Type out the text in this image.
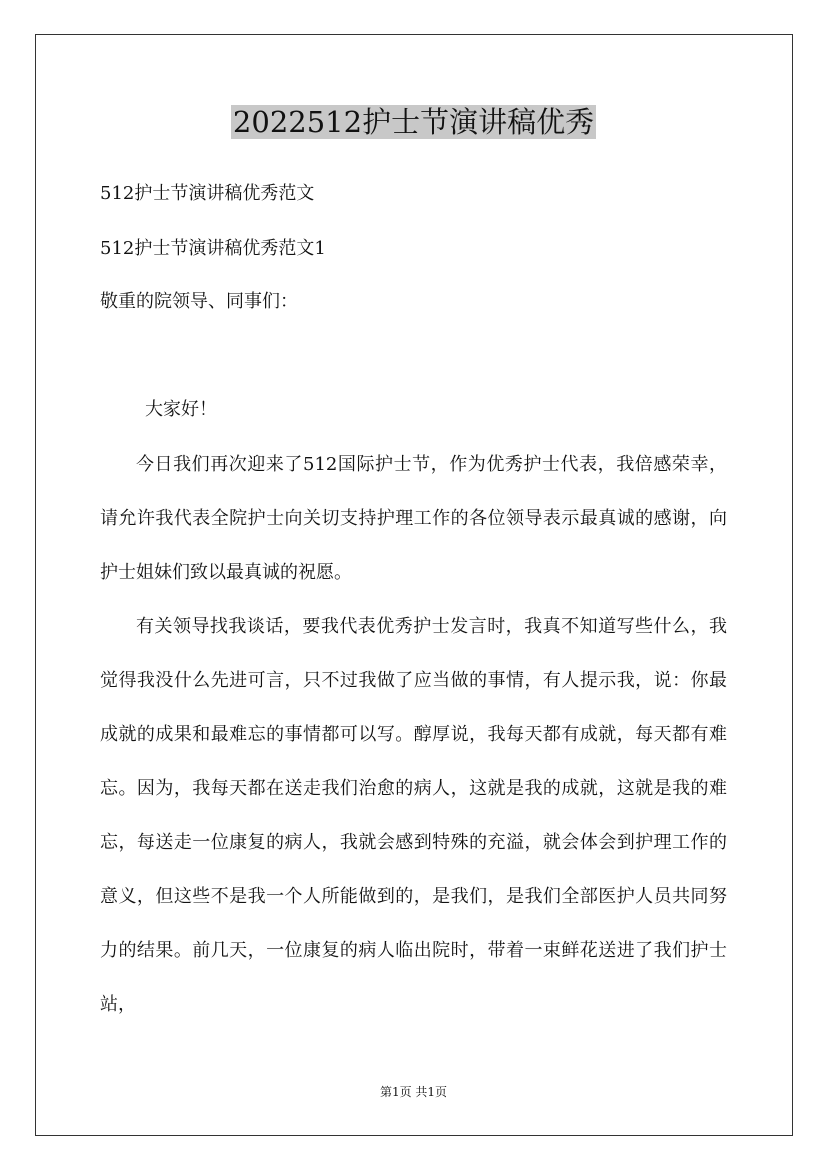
2022512护士节演讲稿优秀

512护士节演讲稿优秀范文

512护士节演讲稿优秀范文1

敬重的院领导、同事们：

大家好！

今日我们再次迎来了512国际护士节，作为优秀护士代表，我倍感荣幸，请允许我代表全院护士向关切支持护理工作的各位领导表示最真诚的感谢，向护士姐妹们致以最真诚的祝愿。

有关领导找我谈话，要我代表优秀护士发言时，我真不知道写些什么，我觉得我没什么先进可言，只不过我做了应当做的事情，有人提示我，说：你最成就的成果和最难忘的事情都可以写。醇厚说，我每天都有成就，每天都有难忘。因为，我每天都在送走我们治愈的病人，这就是我的成就，这就是我的难忘，每送走一位康复的病人，我就会感到特殊的充溢，就会体会到护理工作的意义，但这些不是我一个人所能做到的，是我们，是我们全部医护人员共同努力的结果。前几天，一位康复的病人临出院时，带着一束鲜花送进了我们护士站，

第1页 共1页
